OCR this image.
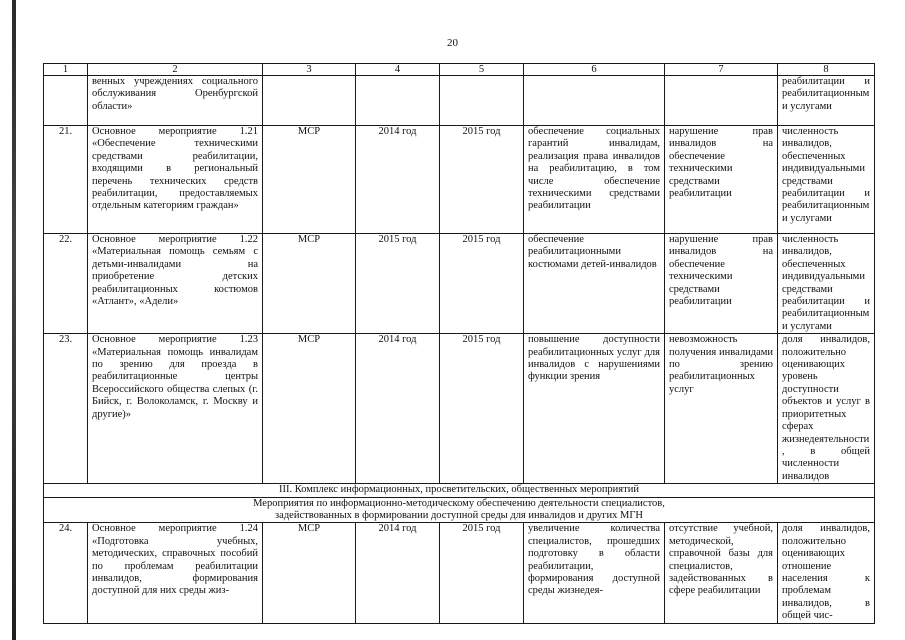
20
1	2	3	4	5	6	7	8
	венных учреждениях социального обслуживания Оренбургской области»						реабилитации и реабилитационными услугами
21.	Основное мероприятие 1.21 «Обеспечение техническими средствами реабилитации, входящими в региональный перечень технических средств реабилитации, предоставляемых отдельным категориям граждан»	МСР	2014 год	2015 год	обеспечение социальных гарантий инвалидам, реализация права инвалидов на реабилитацию, в том числе обеспечение техническими средствами реабилитации	нарушение прав инвалидов на обеспечение техническими средствами реабилитации	численность инвалидов, обеспеченных индивидуальными средствами реабилитации и реабилитационными услугами
22.	Основное мероприятие 1.22 «Материальная помощь семьям с детьми-инвалидами на приобретение детских реабилитационных костюмов «Атлант», «Адели»	МСР	2015 год	2015 год	обеспечение реабилитационными костюмами детей-инвалидов	нарушение прав инвалидов на обеспечение техническими средствами реабилитации	численность инвалидов, обеспеченных индивидуальными средствами реабилитации и реабилитационными услугами
23.	Основное мероприятие 1.23 «Материальная помощь инвалидам по зрению для проезда в реабилитационные центры Всероссийского общества слепых (г. Бийск, г. Волоколамск, г. Москву и другие)»	МСР	2014 год	2015 год	повышение доступности реабилитационных услуг для инвалидов с нарушениями функции зрения	невозможность получения инвалидами по зрению реабилитационных услуг	доля инвалидов, положительно оценивающих уровень доступности объектов и услуг в приоритетных сферах жизнедеятельности, в общей численности инвалидов
III. Комплекс информационных, просветительских, общественных мероприятий							

Мероприятия по информационно-методическому обеспечению деятельности специалистов,
задействованных в формировании доступной среды для инвалидов и других МГН							

24.	Основное мероприятие 1.24 «Подготовка учебных, методических, справочных пособий по проблемам реабилитации инвалидов, формирования доступной для них среды жиз-	МСР	2014 год	2015 год	увеличение количества специалистов, прошедших подготовку в области реабилитации, формирования доступной среды жизнедея-	отсутствие учебной, методической, справочной базы для специалистов, задействованных в сфере реабилитации	доля инвалидов, положительно оценивающих отношение населения к проблемам инвалидов, в общей чис-
